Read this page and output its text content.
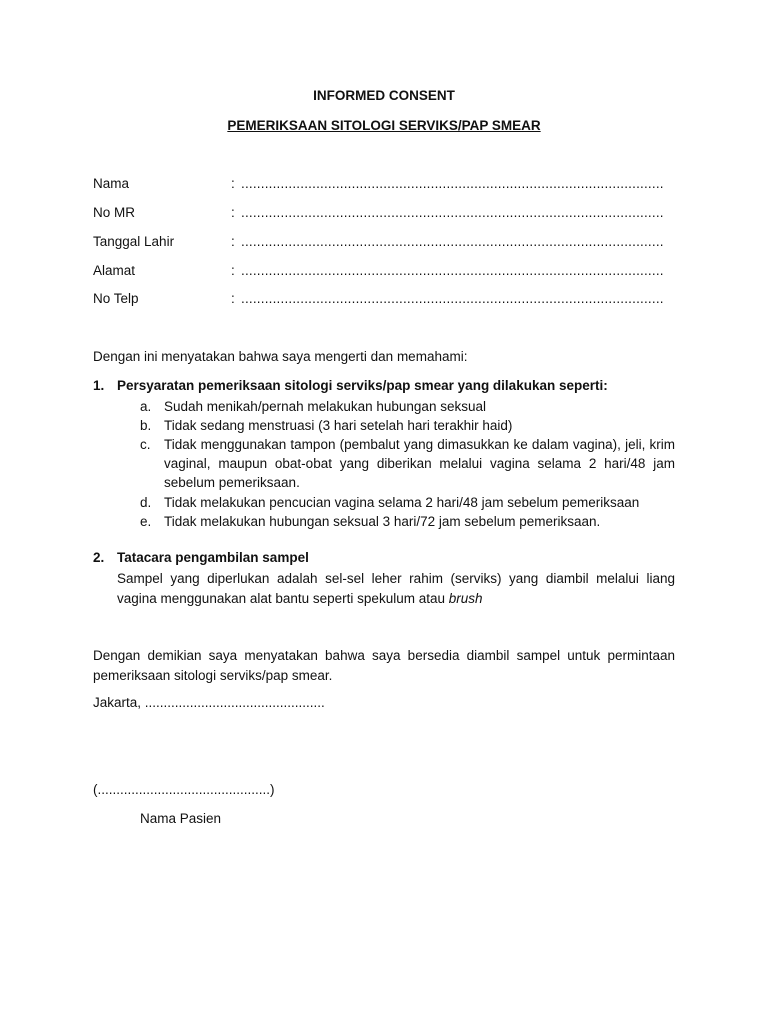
INFORMED CONSENT
PEMERIKSAAN SITOLOGI SERVIKS/PAP SMEAR
Nama	: ...........................................................................................................
No MR	: ...........................................................................................................
Tanggal Lahir	: ...........................................................................................................
Alamat	: ...........................................................................................................
No Telp	: ...........................................................................................................
Dengan ini menyatakan bahwa saya mengerti dan memahami:
1. Persyaratan pemeriksaan sitologi serviks/pap smear yang dilakukan seperti:
a. Sudah menikah/pernah melakukan hubungan seksual
b. Tidak sedang menstruasi (3 hari setelah hari terakhir haid)
c. Tidak menggunakan tampon (pembalut yang dimasukkan ke dalam vagina), jeli, krim vaginal, maupun obat-obat yang diberikan melalui vagina selama 2 hari/48 jam sebelum pemeriksaan.
d. Tidak melakukan pencucian vagina selama 2 hari/48 jam sebelum pemeriksaan
e. Tidak melakukan hubungan seksual 3 hari/72 jam sebelum pemeriksaan.
2. Tatacara pengambilan sampel
Sampel yang diperlukan adalah sel-sel leher rahim (serviks) yang diambil melalui liang vagina menggunakan alat bantu seperti spekulum atau brush
Dengan demikian saya menyatakan bahwa saya bersedia diambil sampel untuk permintaan pemeriksaan sitologi serviks/pap smear.
Jakarta, ................................................
(..............................................)
Nama Pasien
